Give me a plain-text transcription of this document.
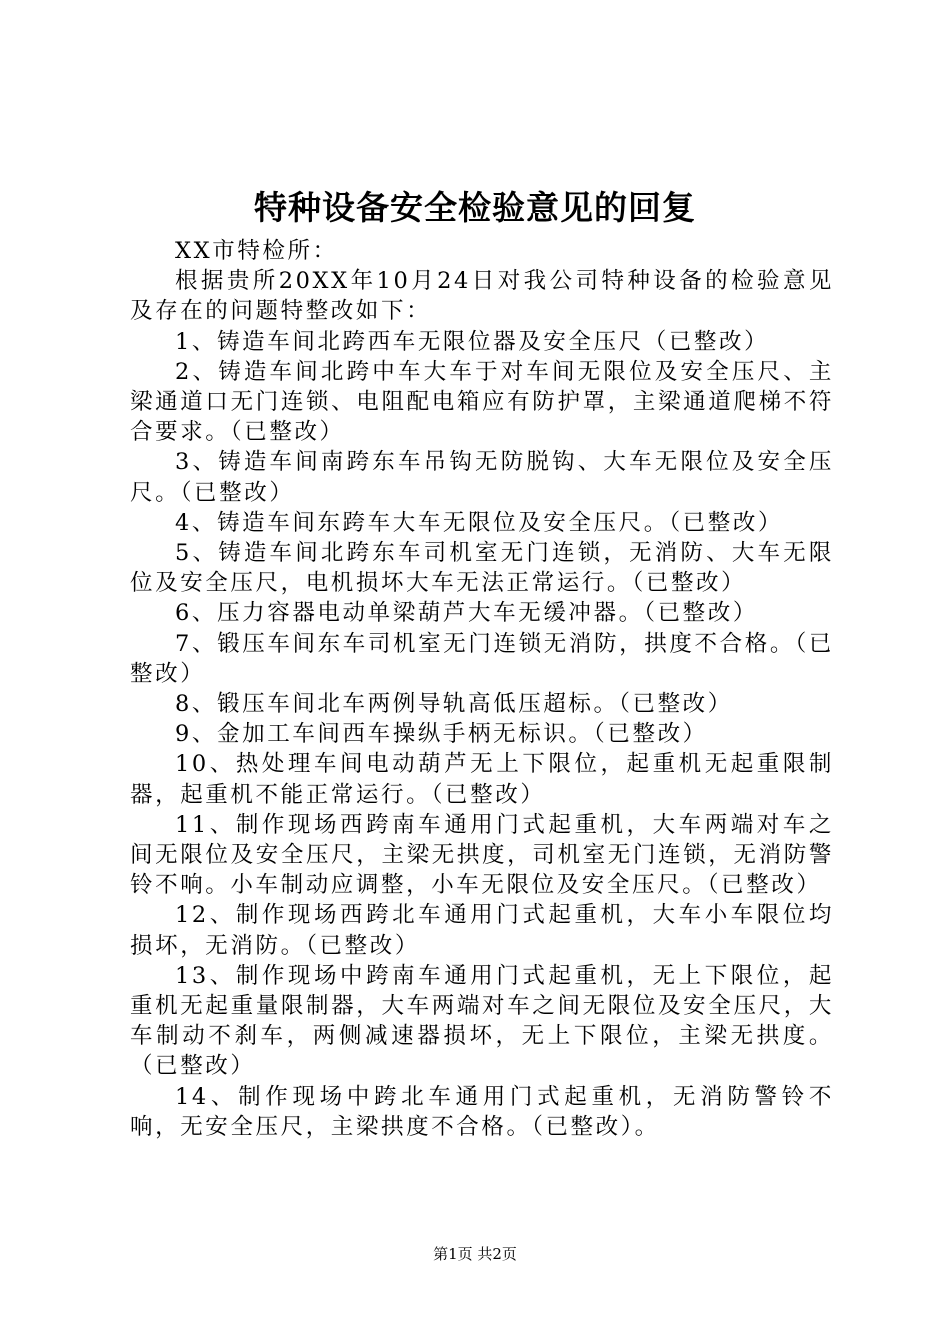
特种设备安全检验意见的回复

XX市特检所：

根据贵所20XX年10月24日对我公司特种设备的检验意见及存在的问题特整改如下：

1、铸造车间北跨西车无限位器及安全压尺（已整改）

2、铸造车间北跨中车大车于对车间无限位及安全压尺、主梁通道口无门连锁、电阻配电箱应有防护罩，主梁通道爬梯不符合要求。（已整改）

3、铸造车间南跨东车吊钩无防脱钩、大车无限位及安全压尺。（已整改）

4、铸造车间东跨车大车无限位及安全压尺。（已整改）

5、铸造车间北跨东车司机室无门连锁，无消防、大车无限位及安全压尺，电机损坏大车无法正常运行。（已整改）

6、压力容器电动单梁葫芦大车无缓冲器。（已整改）

7、锻压车间东车司机室无门连锁无消防，拱度不合格。（已整改）

8、锻压车间北车两例导轨高低压超标。（已整改）

9、金加工车间西车操纵手柄无标识。（已整改）

10、热处理车间电动葫芦无上下限位，起重机无起重限制器，起重机不能正常运行。（已整改）

11、制作现场西跨南车通用门式起重机，大车两端对车之间无限位及安全压尺，主梁无拱度，司机室无门连锁，无消防警铃不响。小车制动应调整，小车无限位及安全压尺。（已整改）

12、制作现场西跨北车通用门式起重机，大车小车限位均损坏，无消防。（已整改）

13、制作现场中跨南车通用门式起重机，无上下限位，起重机无起重量限制器，大车两端对车之间无限位及安全压尺，大车制动不刹车，两侧减速器损坏，无上下限位，主梁无拱度。（已整改）

14、制作现场中跨北车通用门式起重机，无消防警铃不响，无安全压尺，主梁拱度不合格。（已整改）。

第1页 共2页
